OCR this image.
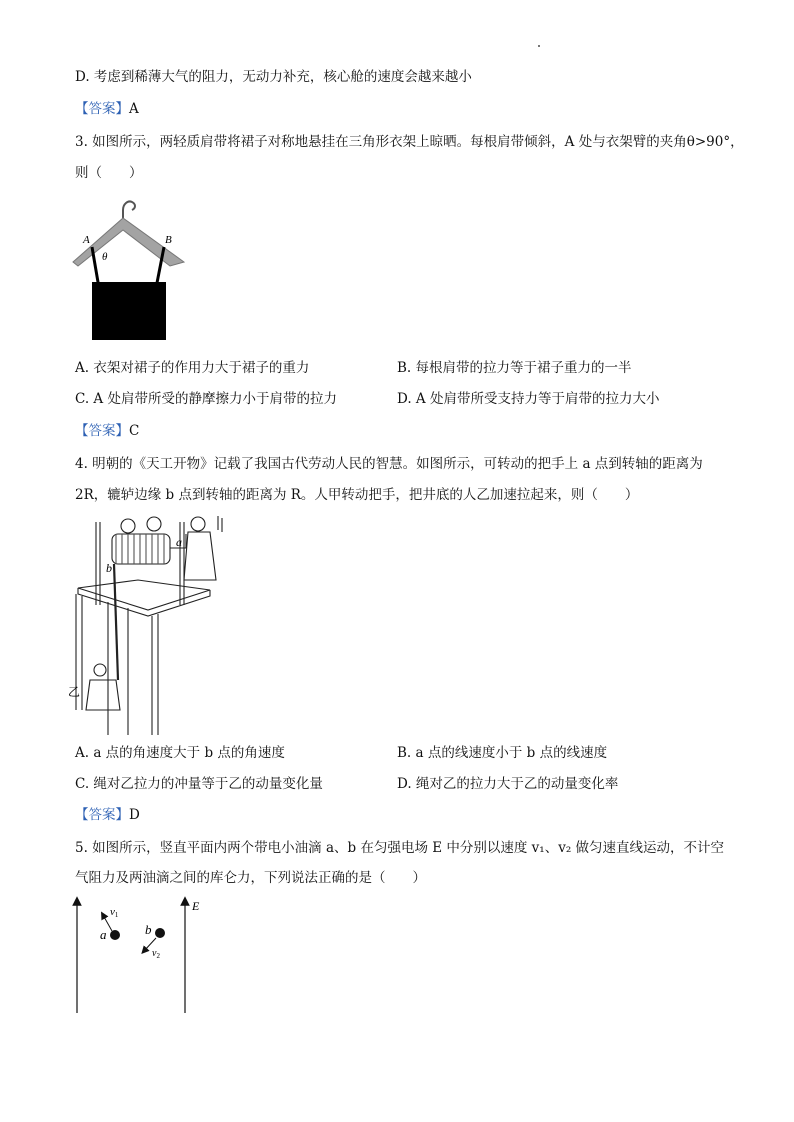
D. 考虑到稀薄大气的阻力，无动力补充，核心舱的速度会越来越小
【答案】A
3. 如图所示，两轻质肩带将裙子对称地悬挂在三角形衣架上晾晒。每根肩带倾斜，A 处与衣架臂的夹角θ>90°，
则（　　）
A	B
θ
A. 衣架对裙子的作用力大于裙子的重力	B. 每根肩带的拉力等于裙子重力的一半
C. A 处肩带所受的静摩擦力小于肩带的拉力	D. A 处肩带所受支持力等于肩带的拉力大小
【答案】C
4. 明朝的《天工开物》记载了我国古代劳动人民的智慧。如图所示，可转动的把手上 a 点到转轴的距离为
2R，辘轳边缘 b 点到转轴的距离为 R。人甲转动把手，把井底的人乙加速拉起来，则（　　）
a
b
乙
A. a 点的角速度大于 b 点的角速度	B. a 点的线速度小于 b 点的线速度
C. 绳对乙拉力的冲量等于乙的动量变化量	D. 绳对乙的拉力大于乙的动量变化率
【答案】D
5. 如图所示，竖直平面内两个带电小油滴 a、b 在匀强电场 E 中分别以速度 v₁、v₂ 做匀速直线运动，不计空
气阻力及两油滴之间的库仑力，下列说法正确的是（　　）
E
a	b
v1
$v_2$
